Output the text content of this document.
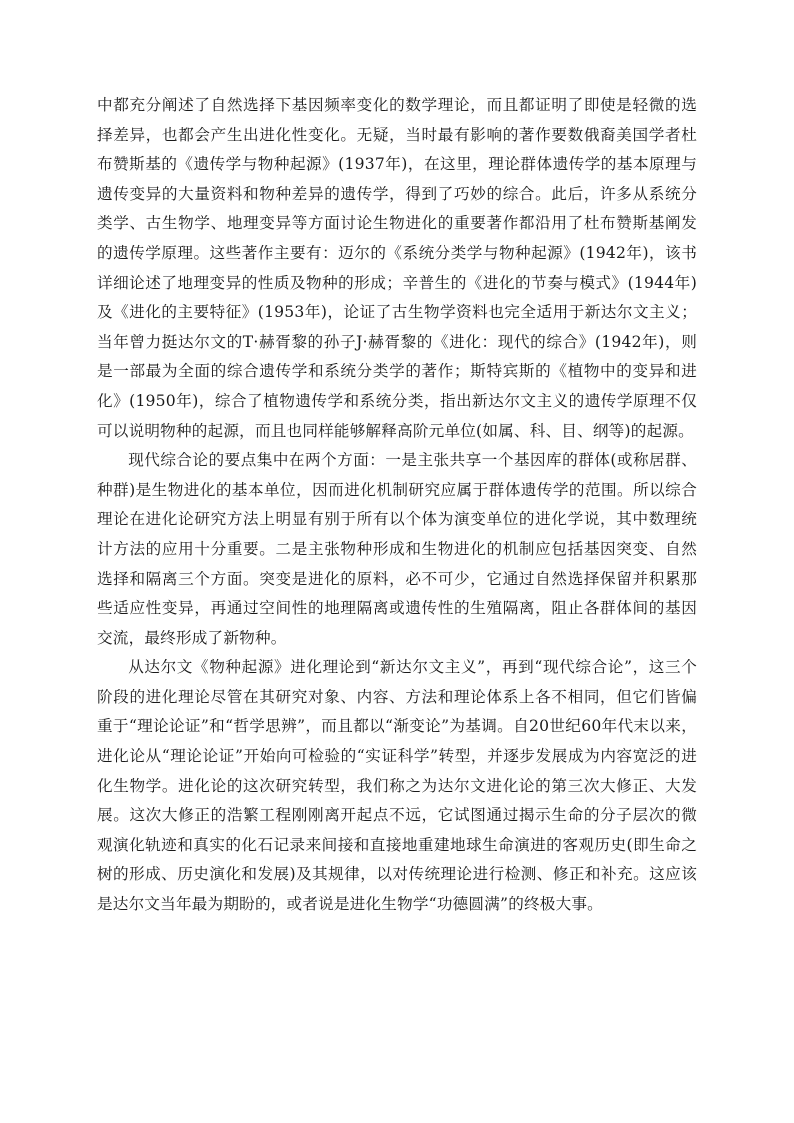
中都充分阐述了自然选择下基因频率变化的数学理论，而且都证明了即使是轻微的选择差异，也都会产生出进化性变化。无疑，当时最有影响的著作要数俄裔美国学者杜布赞斯基的《遗传学与物种起源》(1937年)，在这里，理论群体遗传学的基本原理与遗传变异的大量资料和物种差异的遗传学，得到了巧妙的综合。此后，许多从系统分类学、古生物学、地理变异等方面讨论生物进化的重要著作都沿用了杜布赞斯基阐发的遗传学原理。这些著作主要有：迈尔的《系统分类学与物种起源》(1942年)，该书详细论述了地理变异的性质及物种的形成；辛普生的《进化的节奏与模式》(1944年)及《进化的主要特征》(1953年)，论证了古生物学资料也完全适用于新达尔文主义；当年曾力挺达尔文的T·赫胥黎的孙子J·赫胥黎的《进化：现代的综合》(1942年)，则是一部最为全面的综合遗传学和系统分类学的著作；斯特宾斯的《植物中的变异和进化》(1950年)，综合了植物遗传学和系统分类，指出新达尔文主义的遗传学原理不仅可以说明物种的起源，而且也同样能够解释高阶元单位(如属、科、目、纲等)的起源。

现代综合论的要点集中在两个方面：一是主张共享一个基因库的群体(或称居群、种群)是生物进化的基本单位，因而进化机制研究应属于群体遗传学的范围。所以综合理论在进化论研究方法上明显有别于所有以个体为演变单位的进化学说，其中数理统计方法的应用十分重要。二是主张物种形成和生物进化的机制应包括基因突变、自然选择和隔离三个方面。突变是进化的原料，必不可少，它通过自然选择保留并积累那些适应性变异，再通过空间性的地理隔离或遗传性的生殖隔离，阻止各群体间的基因交流，最终形成了新物种。

从达尔文《物种起源》进化理论到“新达尔文主义”，再到“现代综合论”，这三个阶段的进化理论尽管在其研究对象、内容、方法和理论体系上各不相同，但它们皆偏重于“理论论证”和“哲学思辨”，而且都以“渐变论”为基调。自20世纪60年代末以来，进化论从“理论论证”开始向可检验的“实证科学”转型，并逐步发展成为内容宽泛的进化生物学。进化论的这次研究转型，我们称之为达尔文进化论的第三次大修正、大发展。这次大修正的浩繁工程刚刚离开起点不远，它试图通过揭示生命的分子层次的微观演化轨迹和真实的化石记录来间接和直接地重建地球生命演进的客观历史(即生命之树的形成、历史演化和发展)及其规律，以对传统理论进行检测、修正和补充。这应该是达尔文当年最为期盼的，或者说是进化生物学“功德圆满”的终极大事。
